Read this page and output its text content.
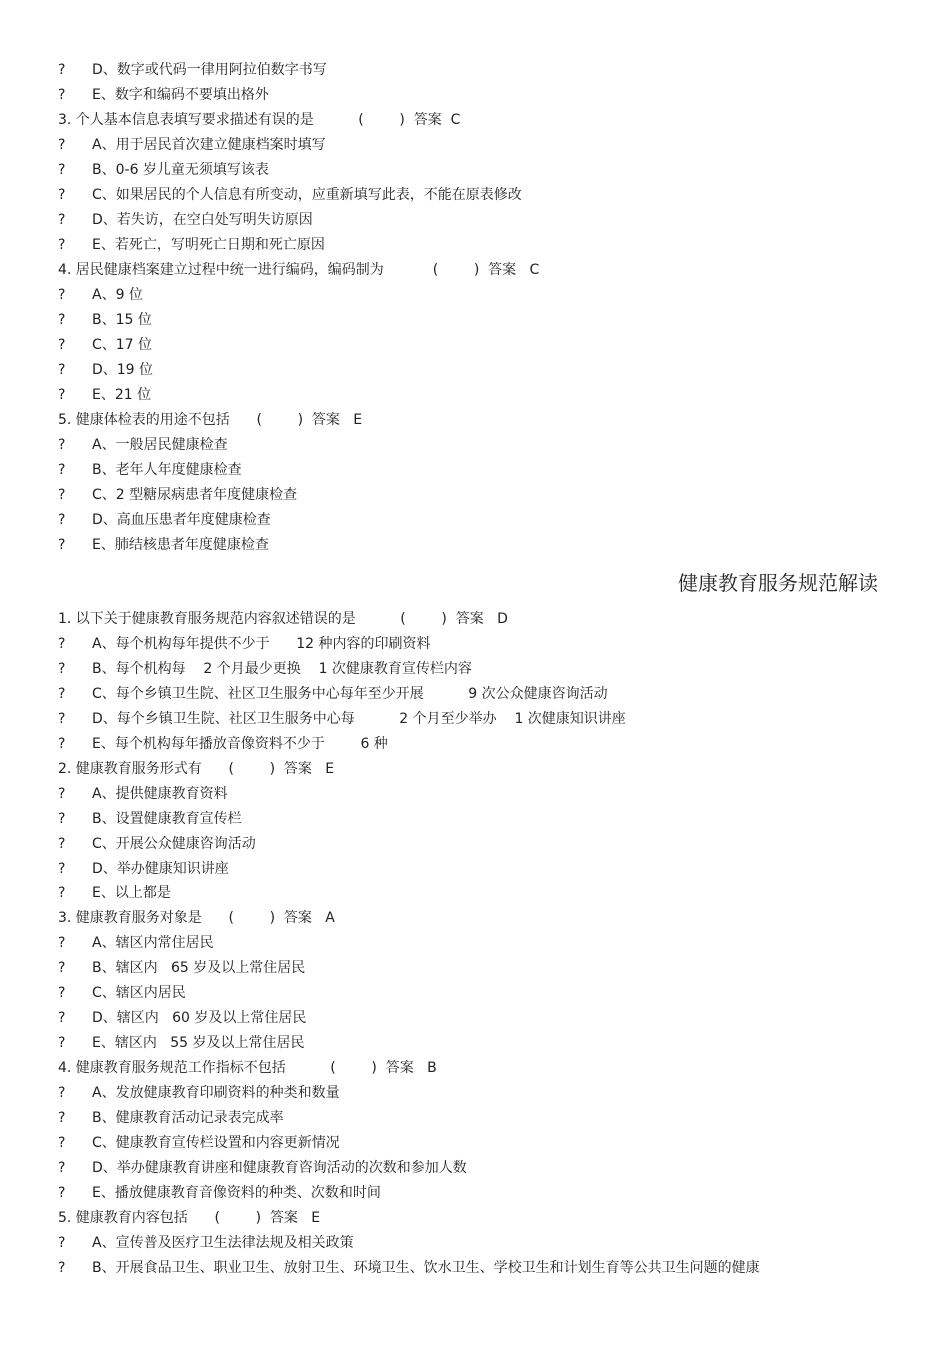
? D、数字或代码一律用阿拉伯数字书写
? E、数字和编码不要填出格外
3. 个人基本信息表填写要求描述有误的是          (        )  答案  C
? A、用于居民首次建立健康档案时填写
? B、0-6 岁儿童无须填写该表
? C、如果居民的个人信息有所变动，应重新填写此表，不能在原表修改
? D、若失访，在空白处写明失访原因
? E、若死亡，写明死亡日期和死亡原因
4. 居民健康档案建立过程中统一进行编码，编码制为           (        )  答案   C
? A、9 位
? B、15 位
? C、17 位
? D、19 位
? E、21 位
5. 健康体检表的用途不包括      (        )  答案   E
? A、一般居民健康检查
? B、老年人年度健康检查
? C、2 型糖尿病患者年度健康检查
? D、高血压患者年度健康检查
? E、肺结核患者年度健康检查
健康教育服务规范解读
1. 以下关于健康教育服务规范内容叙述错误的是          (        )  答案   D
? A、每个机构每年提供不少于      12 种内容的印刷资料
? B、每个机构每    2 个月最少更换    1 次健康教育宣传栏内容
? C、每个乡镇卫生院、社区卫生服务中心每年至少开展          9 次公众健康咨询活动
? D、每个乡镇卫生院、社区卫生服务中心每          2 个月至少举办    1 次健康知识讲座
? E、每个机构每年播放音像资料不少于        6 种
2. 健康教育服务形式有      (        )  答案   E
? A、提供健康教育资料
? B、设置健康教育宣传栏
? C、开展公众健康咨询活动
? D、举办健康知识讲座
? E、以上都是
3. 健康教育服务对象是      (        )  答案   A
? A、辖区内常住居民
? B、辖区内   65 岁及以上常住居民
? C、辖区内居民
? D、辖区内   60 岁及以上常住居民
? E、辖区内   55 岁及以上常住居民
4. 健康教育服务规范工作指标不包括          (        )  答案   B
? A、发放健康教育印刷资料的种类和数量
? B、健康教育活动记录表完成率
? C、健康教育宣传栏设置和内容更新情况
? D、举办健康教育讲座和健康教育咨询活动的次数和参加人数
? E、播放健康教育音像资料的种类、次数和时间
5. 健康教育内容包括      (        )  答案   E
? A、宣传普及医疗卫生法律法规及相关政策
? B、开展食品卫生、职业卫生、放射卫生、环境卫生、饮水卫生、学校卫生和计划生育等公共卫生问题的健康
